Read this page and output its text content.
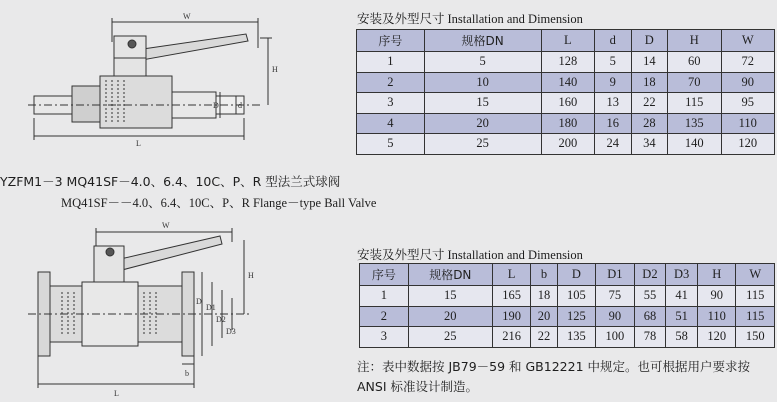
W
H
L
D d
安装及外型尺寸 Installation and Dimension
序号	规格DN	L	d	D	H	W
1	5	128	5	14	60	72
2	10	140	9	18	70	90
3	15	160	13	22	115	95
4	20	180	16	28	135	110
5	25	200	24	34	140	120
YZFM1－3 MQ41SF－4.0、6.4、10C、P、R 型法兰式球阀
MQ41SF－－4.0、6.4、10C、P、R Flange－type Ball Valve
W
H
L
b
D
D1
D2
D3
安装及外型尺寸 Installation and Dimension
序号	规格DN	L	b	D	D1	D2	D3	H	W
1	15	165	18	105	75	55	41	90	115
2	20	190	20	125	90	68	51	110	115
3	25	216	22	135	100	78	58	120	150
注：表中数据按 JB79－59 和 GB12221 中规定。也可根据用户要求按 ANSI 标准设计制造。
